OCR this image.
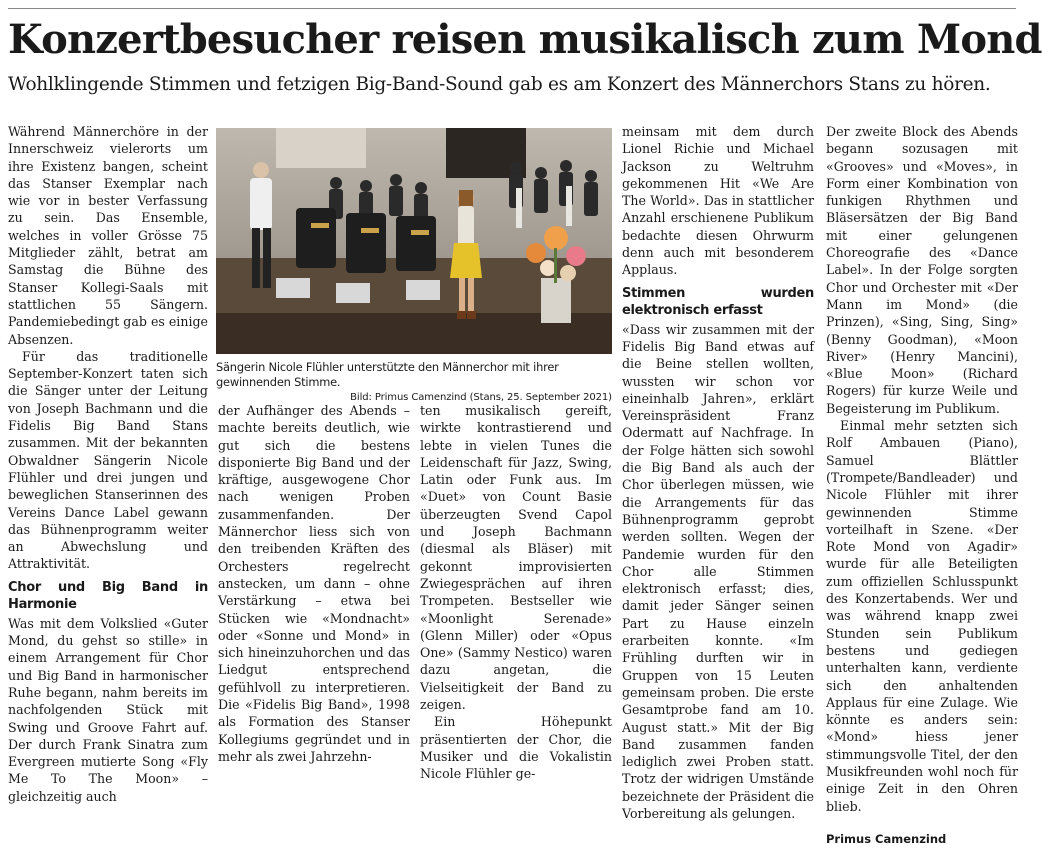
Konzertbesucher reisen musikalisch zum Mond

Wohlklingende Stimmen und fetzigen Big-Band-Sound gab es am Konzert des Männerchors Stans zu hören.

Während Männerchöre in der Innerschweiz vielerorts um ihre Existenz bangen, scheint das Stanser Exemplar nach wie vor in bester Verfassung zu sein. Das Ensemble, welches in voller Grösse 75 Mitglieder zählt, betrat am Samstag die Bühne des Stanser Kollegi-Saals mit stattlichen 55 Sängern. Pandemiebedingt gab es einige Absenzen.

Für das traditionelle September-Konzert taten sich die Sänger unter der Leitung von Joseph Bachmann und die Fidelis Big Band Stans zusammen. Mit der bekannten Obwaldner Sängerin Nicole Flühler und drei jungen und beweglichen Stanserinnen des Vereins Dance Label gewann das Bühnenprogramm weiter an Abwechslung und Attraktivität.

Chor und Big Band in Harmonie

Was mit dem Volkslied «Guter Mond, du gehst so stille» in einem Arrangement für Chor und Big Band in harmonischer Ruhe begann, nahm bereits im nachfolgenden Stück mit Swing und Groove Fahrt auf. Der durch Frank Sinatra zum Evergreen mutierte Song «Fly Me To The Moon» – gleichzeitig auch

Sängerin Nicole Flühler unterstützte den Männerchor mit ihrer gewinnenden Stimme.
Bild: Primus Camenzind (Stans, 25. September 2021)

der Aufhänger des Abends – machte bereits deutlich, wie gut sich die bestens disponierte Big Band und der kräftige, ausgewogene Chor nach wenigen Proben zusammenfanden. Der Männerchor liess sich von den treibenden Kräften des Orchesters regelrecht anstecken, um dann – ohne Verstärkung – etwa bei Stücken wie «Mondnacht» oder «Sonne und Mond» in sich hineinzuhorchen und das Liedgut entsprechend gefühlvoll zu interpretieren. Die «Fidelis Big Band», 1998 als Formation des Stanser Kollegiums gegründet und in mehr als zwei Jahrzehn-

ten musikalisch gereift, wirkte kontrastierend und lebte in vielen Tunes die Leidenschaft für Jazz, Swing, Latin oder Funk aus. Im «Duet» von Count Basie überzeugten Svend Capol und Joseph Bachmann (diesmal als Bläser) mit gekonnt improvisierten Zwiegesprächen auf ihren Trompeten. Bestseller wie «Moonlight Serenade» (Glenn Miller) oder «Opus One» (Sammy Nestico) waren dazu angetan, die Vielseitigkeit der Band zu zeigen.

Ein Höhepunkt präsentierten der Chor, die Musiker und die Vokalistin Nicole Flühler ge-

meinsam mit dem durch Lionel Richie und Michael Jackson zu Weltruhm gekommenen Hit «We Are The World». Das in stattlicher Anzahl erschienene Publikum bedachte diesen Ohrwurm denn auch mit besonderem Applaus.

Stimmen wurden elektronisch erfasst

«Dass wir zusammen mit der Fidelis Big Band etwas auf die Beine stellen wollten, wussten wir schon vor eineinhalb Jahren», erklärt Vereinspräsident Franz Odermatt auf Nachfrage. In der Folge hätten sich sowohl die Big Band als auch der Chor überlegen müssen, wie die Arrangements für das Bühnenprogramm geprobt werden sollten. Wegen der Pandemie wurden für den Chor alle Stimmen elektronisch erfasst; dies, damit jeder Sänger seinen Part zu Hause einzeln erarbeiten konnte. «Im Frühling durften wir in Gruppen von 15 Leuten gemeinsam proben. Die erste Gesamtprobe fand am 10. August statt.» Mit der Big Band zusammen fanden lediglich zwei Proben statt. Trotz der widrigen Umstände bezeichnete der Präsident die Vorbereitung als gelungen.

Der zweite Block des Abends begann sozusagen mit «Grooves» und «Moves», in Form einer Kombination von funkigen Rhythmen und Bläsersätzen der Big Band mit einer gelungenen Choreografie des «Dance Label». In der Folge sorgten Chor und Orchester mit «Der Mann im Mond» (die Prinzen), «Sing, Sing, Sing» (Benny Goodman), «Moon River» (Henry Mancini), «Blue Moon» (Richard Rogers) für kurze Weile und Begeisterung im Publikum.

Einmal mehr setzten sich Rolf Ambauen (Piano), Samuel Blättler (Trompete/Bandleader) und Nicole Flühler mit ihrer gewinnenden Stimme vorteilhaft in Szene. «Der Rote Mond von Agadir» wurde für alle Beteiligten zum offiziellen Schlusspunkt des Konzertabends. Wer und was während knapp zwei Stunden sein Publikum bestens und gediegen unterhalten kann, verdiente sich den anhaltenden Applaus für eine Zulage. Wie könnte es anders sein: «Mond» hiess jener stimmungsvolle Titel, der den Musikfreunden wohl noch für einige Zeit in den Ohren blieb.

Primus Camenzind
